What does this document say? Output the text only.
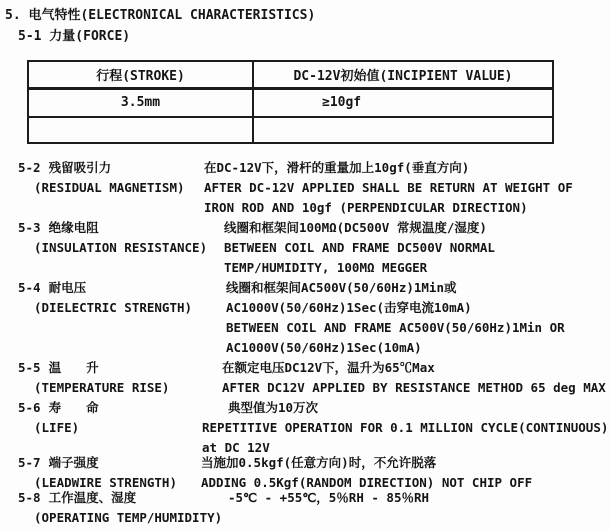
5. 电气特性(ELECTRONICAL CHARACTERISTICS)
5-1 力量(FORCE)
行程(STROKE)	DC-12V初始值(INCIPIENT VALUE)
3.5mm	≥10gf

5-2 残留吸引力
(RESIDUAL MAGNETISM)
在DC-12V下，滑杆的重量加上10gf(垂直方向)
AFTER DC-12V APPLIED SHALL BE RETURN AT WEIGHT OF
IRON ROD AND 10gf (PERPENDICULAR DIRECTION)
5-3 绝缘电阻
(INSULATION RESISTANCE)
线圈和框架间100MΩ(DC500V 常规温度/湿度)
BETWEEN COIL AND FRAME DC500V NORMAL
TEMP/HUMIDITY, 100MΩ MEGGER
5-4 耐电压
(DIELECTRIC STRENGTH)
线圈和框架间AC500V(50/60Hz)1Min或
AC1000V(50/60Hz)1Sec(击穿电流10mA)
BETWEEN COIL AND FRAME AC500V(50/60Hz)1Min OR
AC1000V(50/60Hz)1Sec(10mA)
5-5 温　　升
(TEMPERATURE RISE)
在额定电压DC12V下，温升为65℃Max
AFTER DC12V APPLIED BY RESISTANCE METHOD 65 deg MAX
5-6 寿　　命
(LIFE)
典型值为10万次
REPETITIVE OPERATION FOR 0.1 MILLION CYCLE(CONTINUOUS)
at DC 12V
5-7 端子强度
(LEADWIRE STRENGTH)
当施加0.5kgf(任意方向)时，不允许脱落
ADDING 0.5Kgf(RANDOM DIRECTION) NOT CHIP OFF
5-8 工作温度、湿度
(OPERATING TEMP/HUMIDITY)
-5℃ - +55℃，5％RH - 85％RH
